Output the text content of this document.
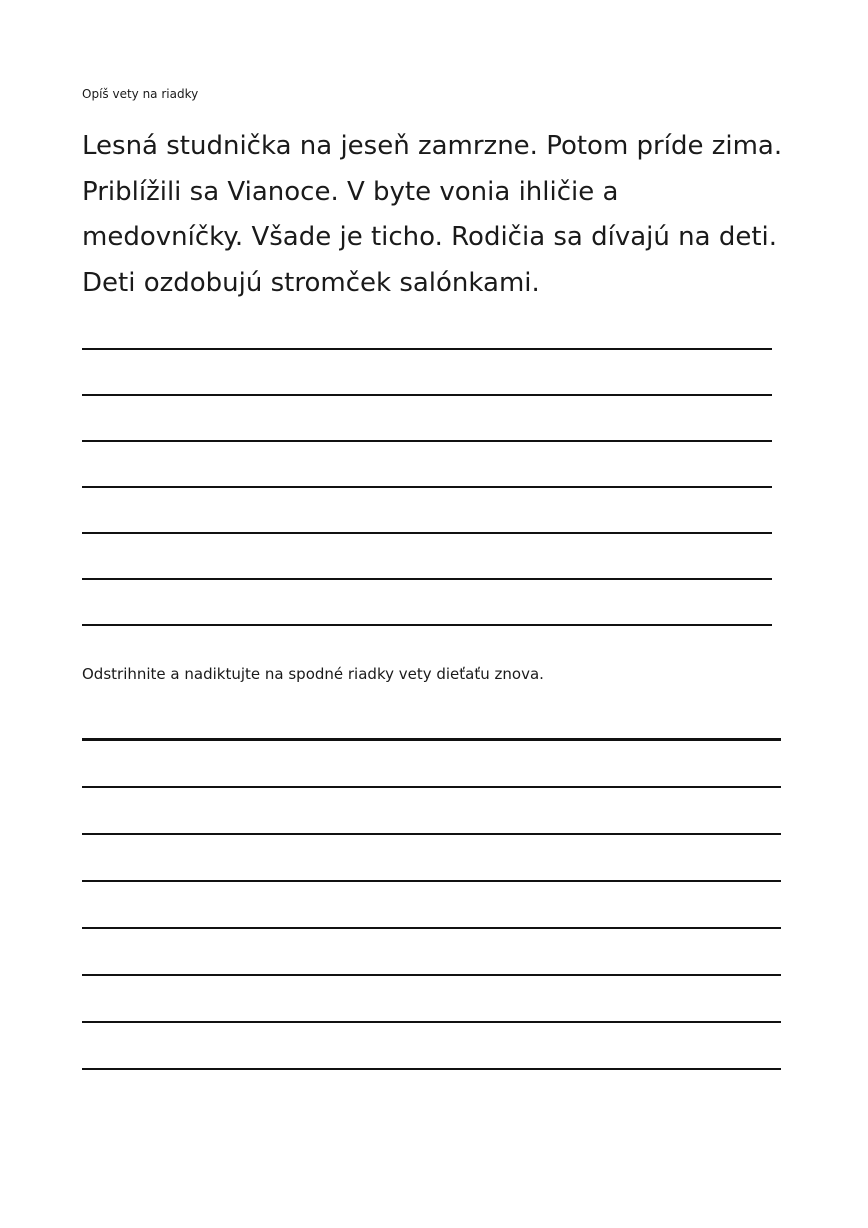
Opíš vety na riadky

Lesná studnička na jeseň zamrzne. Potom príde zima.
Priblížili sa Vianoce. V byte vonia ihličie a
medovníčky. Všade je ticho. Rodičia sa dívajú na deti.
Deti ozdobujú stromček salónkami.

Odstrihnite a nadiktujte na spodné riadky vety dieťaťu znova.
